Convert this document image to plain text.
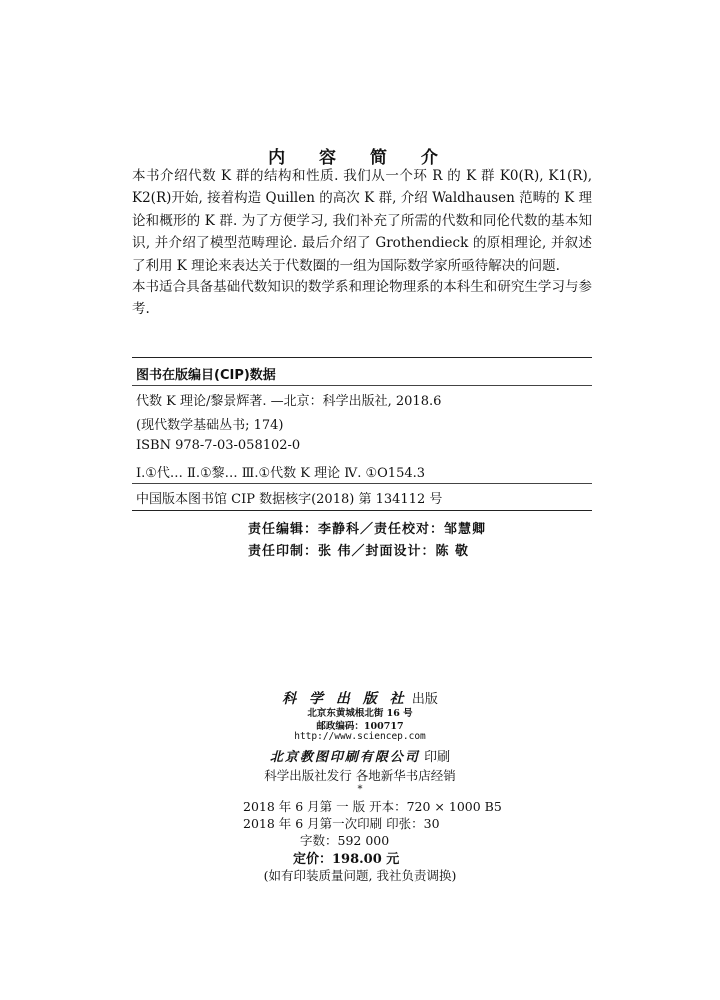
内 容 简 介
本书介绍代数 K 群的结构和性质. 我们从一个环 R 的 K 群 K0(R), K1(R), K2(R)开始, 接着构造 Quillen 的高次 K 群, 介绍 Waldhausen 范畴的 K 理论和概形的 K 群. 为了方便学习, 我们补充了所需的代数和同伦代数的基本知识, 并介绍了模型范畴理论. 最后介绍了 Grothendieck 的原相理论, 并叙述了利用 K 理论来表达关于代数圈的一组为国际数学家所亟待解决的问题.
本书适合具备基础代数知识的数学系和理论物理系的本科生和研究生学习与参考.
图书在版编目(CIP)数据
代数 K 理论/黎景辉著. —北京：科学出版社, 2018.6
(现代数学基础丛书; 174)
ISBN 978-7-03-058102-0
Ⅰ.①代… Ⅱ.①黎… Ⅲ.①代数 K 理论 Ⅳ. ①O154.3
中国版本图书馆 CIP 数据核字(2018) 第 134112 号
责任编辑：李静科／责任校对：邹慧卿
责任印制：张 伟／封面设计：陈 敬
科 学 出 版 社 出版
北京东黄城根北街 16 号
邮政编码：100717
http://www.sciencep.com
北京教图印刷有限公司 印刷
科学出版社发行 各地新华书店经销
*
2018 年 6 月第 一 版 开本：720 × 1000 B5
2018 年 6 月第一次印刷 印张：30
字数：592 000
定价：198.00 元
(如有印装质量问题, 我社负责调换)
